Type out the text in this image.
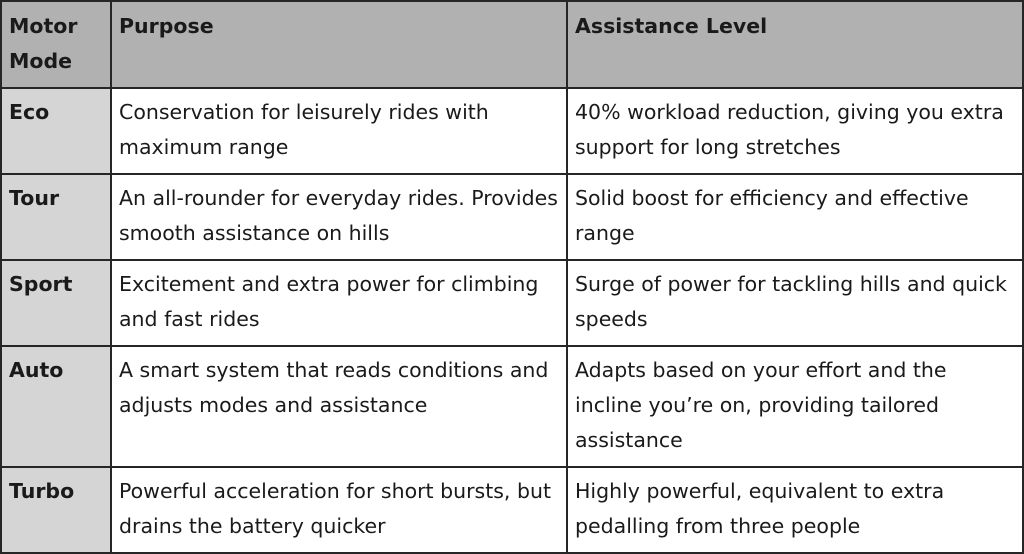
Motor Mode	Purpose	Assistance Level
Eco	Conservation for leisurely rides with maximum range	40% workload reduction, giving you extra support for long stretches
Tour	An all-rounder for everyday rides. Provides smooth assistance on hills	Solid boost for efficiency and effective range
Sport	Excitement and extra power for climbing and fast rides	Surge of power for tackling hills and quick speeds
Auto	A smart system that reads conditions and adjusts modes and assistance	Adapts based on your effort and the incline you’re on, providing tailored assistance
Turbo	Powerful acceleration for short bursts, but drains the battery quicker	Highly powerful, equivalent to extra pedalling from three people
